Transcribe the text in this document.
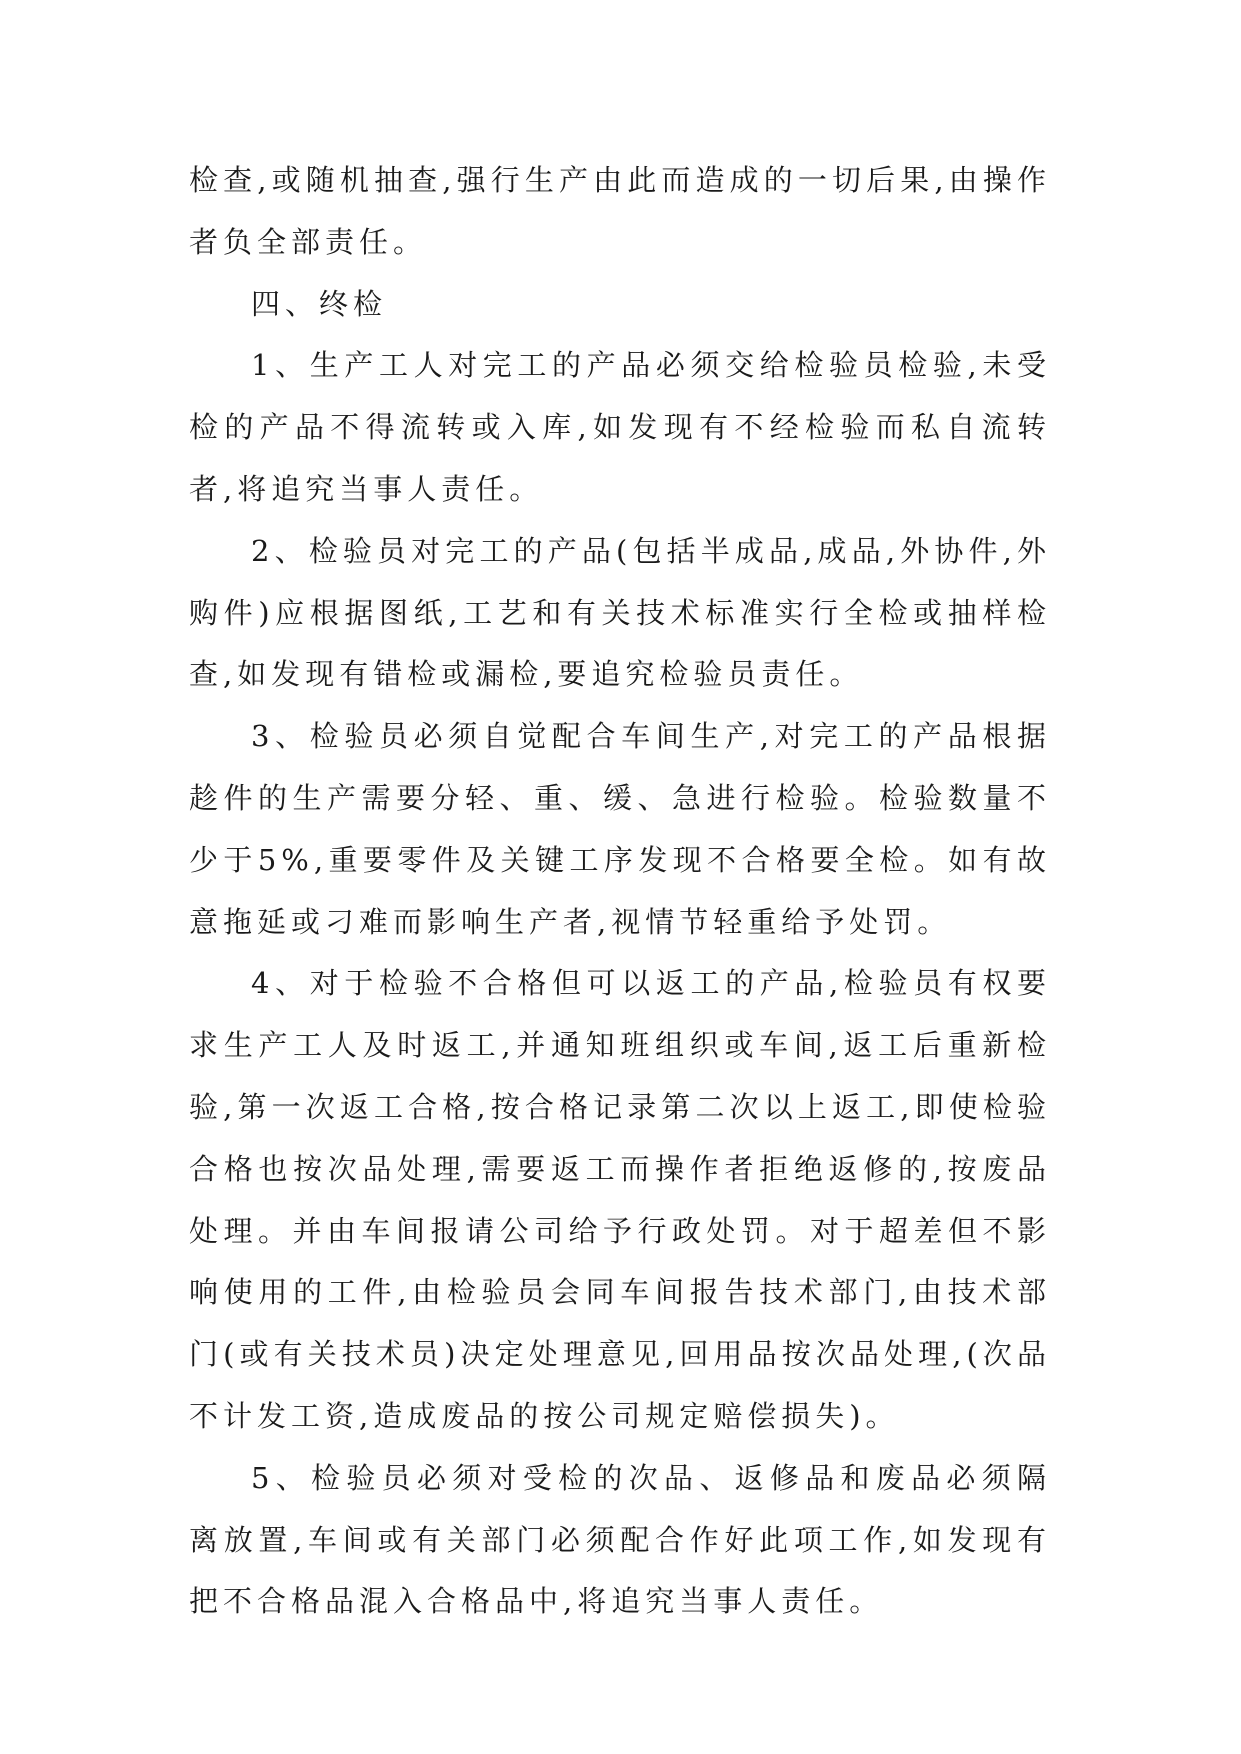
检查,或随机抽查,强行生产由此而造成的一切后果,由操作者负全部责任。

四、终检

1、生产工人对完工的产品必须交给检验员检验,未受检的产品不得流转或入库,如发现有不经检验而私自流转者,将追究当事人责任。

2、检验员对完工的产品(包括半成品,成品,外协件,外购件)应根据图纸,工艺和有关技术标准实行全检或抽样检查,如发现有错检或漏检,要追究检验员责任。

3、检验员必须自觉配合车间生产,对完工的产品根据趁件的生产需要分轻、重、缓、急进行检验。检验数量不少于5%,重要零件及关键工序发现不合格要全检。如有故意拖延或刁难而影响生产者,视情节轻重给予处罚。

4、对于检验不合格但可以返工的产品,检验员有权要求生产工人及时返工,并通知班组织或车间,返工后重新检验,第一次返工合格,按合格记录第二次以上返工,即使检验合格也按次品处理,需要返工而操作者拒绝返修的,按废品处理。并由车间报请公司给予行政处罚。对于超差但不影响使用的工件,由检验员会同车间报告技术部门,由技术部门(或有关技术员)决定处理意见,回用品按次品处理,(次品不计发工资,造成废品的按公司规定赔偿损失)。

5、检验员必须对受检的次品、返修品和废品必须隔离放置,车间或有关部门必须配合作好此项工作,如发现有把不合格品混入合格品中,将追究当事人责任。
